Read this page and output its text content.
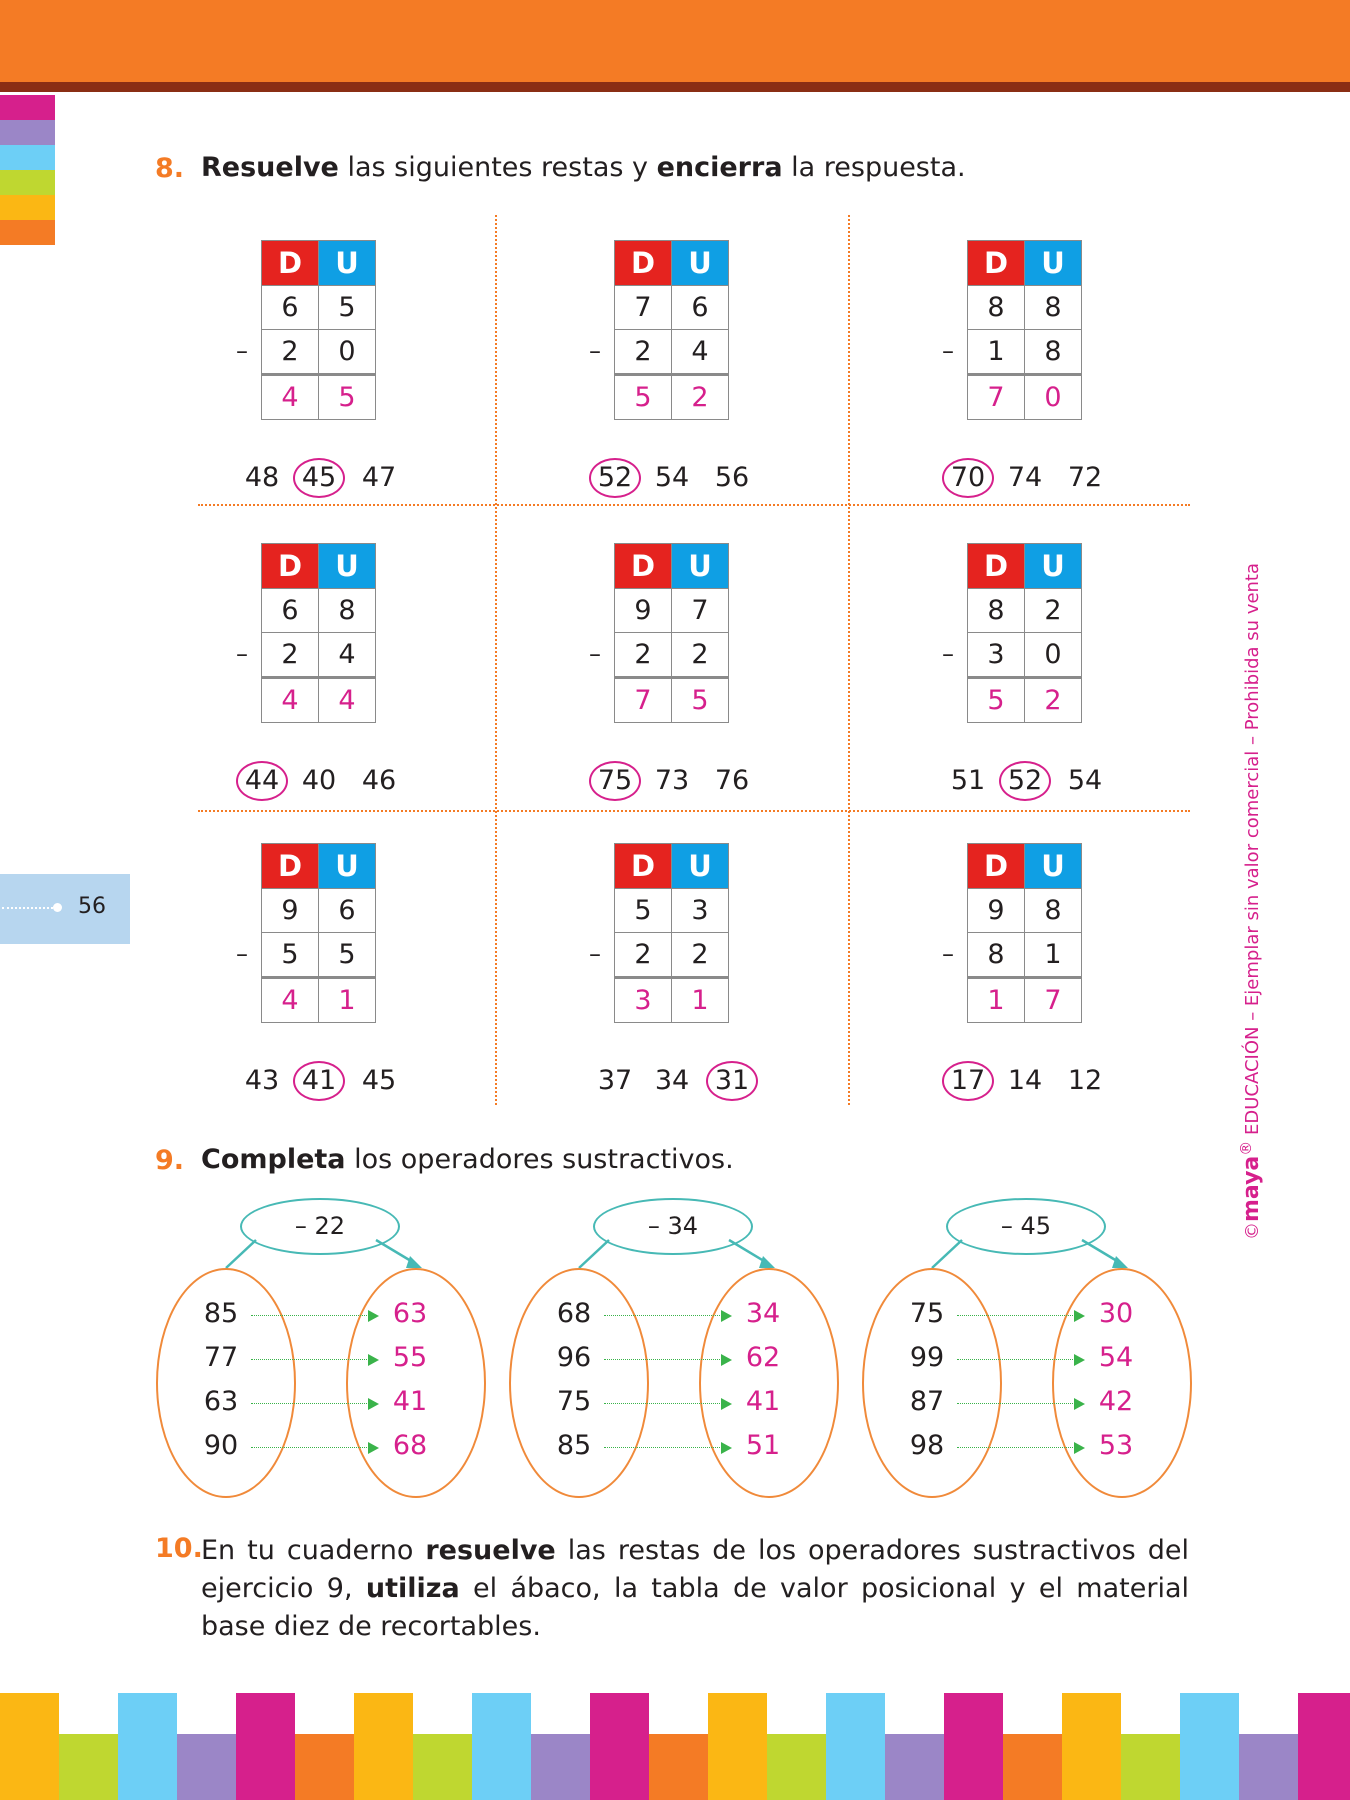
56
8. Resuelve las siguientes restas y encierra la respuesta.
D	U
6	5
2	0
4	5
–
48 45 47
D	U
7	6
2	4
5	2
–
52 54 56
D	U
8	8
1	8
7	0
–
70 74 72
D	U
6	8
2	4
4	4
–
44 40 46
D	U
9	7
2	2
7	5
–
75 73 76
D	U
8	2
3	0
5	2
–
51 52 54
D	U
9	6
5	5
4	1
–
43 41 45
D	U
5	3
2	2
3	1
–
37 34 31
D	U
9	8
8	1
1	7
–
17 14 12
9. Completa los operadores sustractivos.
– 22
85	63
77	55
63	41
90	68
– 34
68	34
96	62
75	41
85	51
– 45
75	30
99	54
87	42
98	53
10.
En tu cuaderno resuelve las restas de los operadores sustractivos del ejercicio 9, utiliza el ábaco, la tabla de valor posicional y el material base diez de recortables.
©maya® EDUCACIÓN – Ejemplar sin valor comercial – Prohibida su venta
